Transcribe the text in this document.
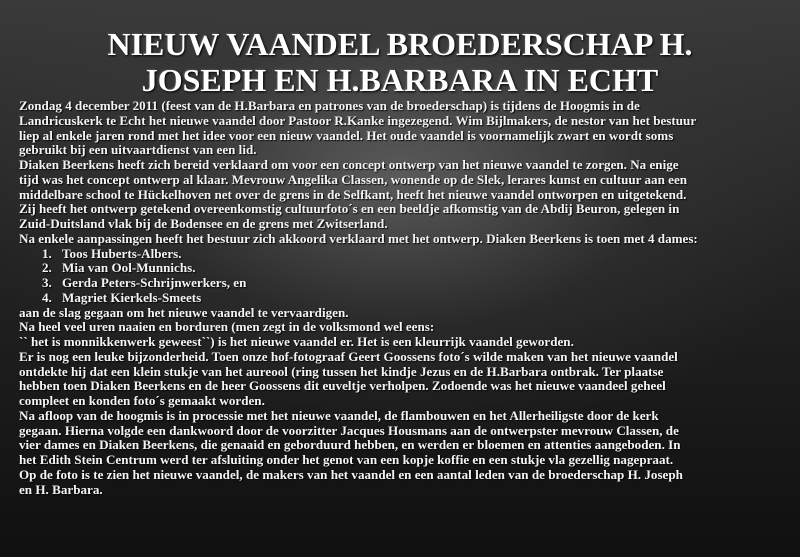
NIEUW VAANDEL BROEDERSCHAP H.
JOSEPH EN H.BARBARA IN ECHT
Zondag 4 december 2011 (feest van de H.Barbara en patrones van de broederschap) is tijdens de Hoogmis in de
Landricuskerk te Echt het nieuwe vaandel door Pastoor R.Kanke ingezegend. Wim Bijlmakers, de nestor van het bestuur
liep al enkele jaren rond met het idee voor een nieuw vaandel. Het oude vaandel is voornamelijk zwart en wordt soms
gebruikt bij een uitvaartdienst van een lid.
Diaken Beerkens heeft zich bereid verklaard om voor een concept ontwerp van het nieuwe vaandel te zorgen. Na enige
tijd was het concept ontwerp al klaar. Mevrouw Angelika Classen, wonende op de Slek, lerares kunst en cultuur aan een
middelbare school te Hückelhoven net over de grens in de Selfkant, heeft het nieuwe vaandel ontworpen en uitgetekend.
Zij heeft het ontwerp getekend overeenkomstig cultuurfoto´s en een beeldje afkomstig van de Abdij Beuron, gelegen in
Zuid-Duitsland vlak bij de Bodensee en de grens met Zwitserland.
Na enkele aanpassingen heeft het bestuur zich akkoord verklaard met het ontwerp. Diaken Beerkens is toen met 4 dames:
1. Toos Huberts-Albers.
2. Mia van Ool-Munnichs.
3. Gerda Peters-Schrijnwerkers, en
4. Magriet Kierkels-Smeets
aan de slag gegaan om het nieuwe vaandel te vervaardigen.
Na heel veel uren naaien en borduren (men zegt in de volksmond wel eens:
`` het is monnikkenwerk geweest``) is het nieuwe vaandel er. Het is een kleurrijk vaandel geworden.
Er is nog een leuke bijzonderheid. Toen onze hof-fotograaf Geert Goossens foto´s wilde maken van het nieuwe vaandel
ontdekte hij dat een klein stukje van het aureool (ring tussen het kindje Jezus en de H.Barbara ontbrak. Ter plaatse
hebben toen Diaken Beerkens en de heer Goossens dit euveltje verholpen. Zodoende was het nieuwe vaandeel geheel
compleet en konden foto´s gemaakt worden.
Na afloop van de hoogmis is in processie met het nieuwe vaandel, de flambouwen en het Allerheiligste door de kerk
gegaan. Hierna volgde een dankwoord door de voorzitter Jacques Housmans aan de ontwerpster mevrouw Classen, de
vier dames en Diaken Beerkens, die genaaid en geborduurd hebben, en werden er bloemen en attenties aangeboden. In
het Edith Stein Centrum werd ter afsluiting onder het genot van een kopje koffie en een stukje vla gezellig nagepraat.
Op de foto is te zien het nieuwe vaandel, de makers van het vaandel en een aantal leden van de broederschap H. Joseph
en H. Barbara.
